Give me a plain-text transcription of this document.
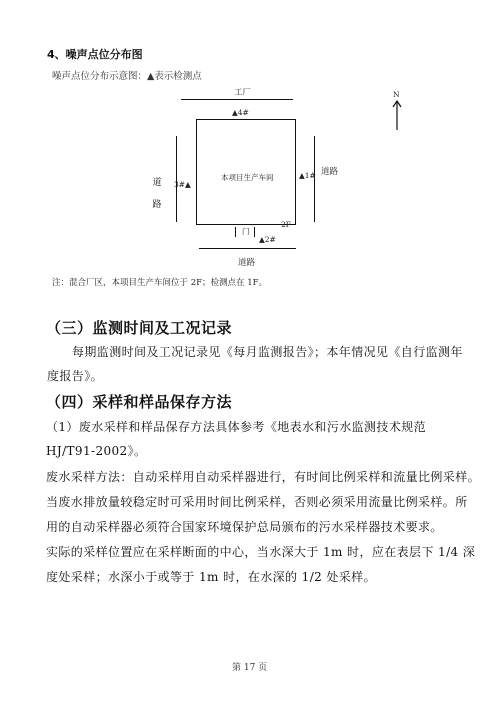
4、噪声点位分布图
噪声点位分布示意图：▲表示检测点
工厂
▲4#
本项目生产车间
道
路
3#▲
道路
▲1#
2F
门
▲2#
道路
N
注：混合厂区，本项目生产车间位于 2F；检测点在 1F。
（三）监测时间及工况记录
每期监测时间及工况记录见《每月监测报告》；本年情况见《自行监测年
度报告》。
（四）采样和样品保存方法
（1）废水采样和样品保存方法具体参考《地表水和污水监测技术规范
HJ/T91-2002》。
废水采样方法：自动采样用自动采样器进行，有时间比例采样和流量比例采样。
当废水排放量较稳定时可采用时间比例采样，否则必须采用流量比例采样。所
用的自动采样器必须符合国家环境保护总局颁布的污水采样器技术要求。
实际的采样位置应在采样断面的中心，当水深大于 1m 时，应在表层下 1/4 深
度处采样；水深小于或等于 1m 时，在水深的 1/2 处采样。
第 17 页
